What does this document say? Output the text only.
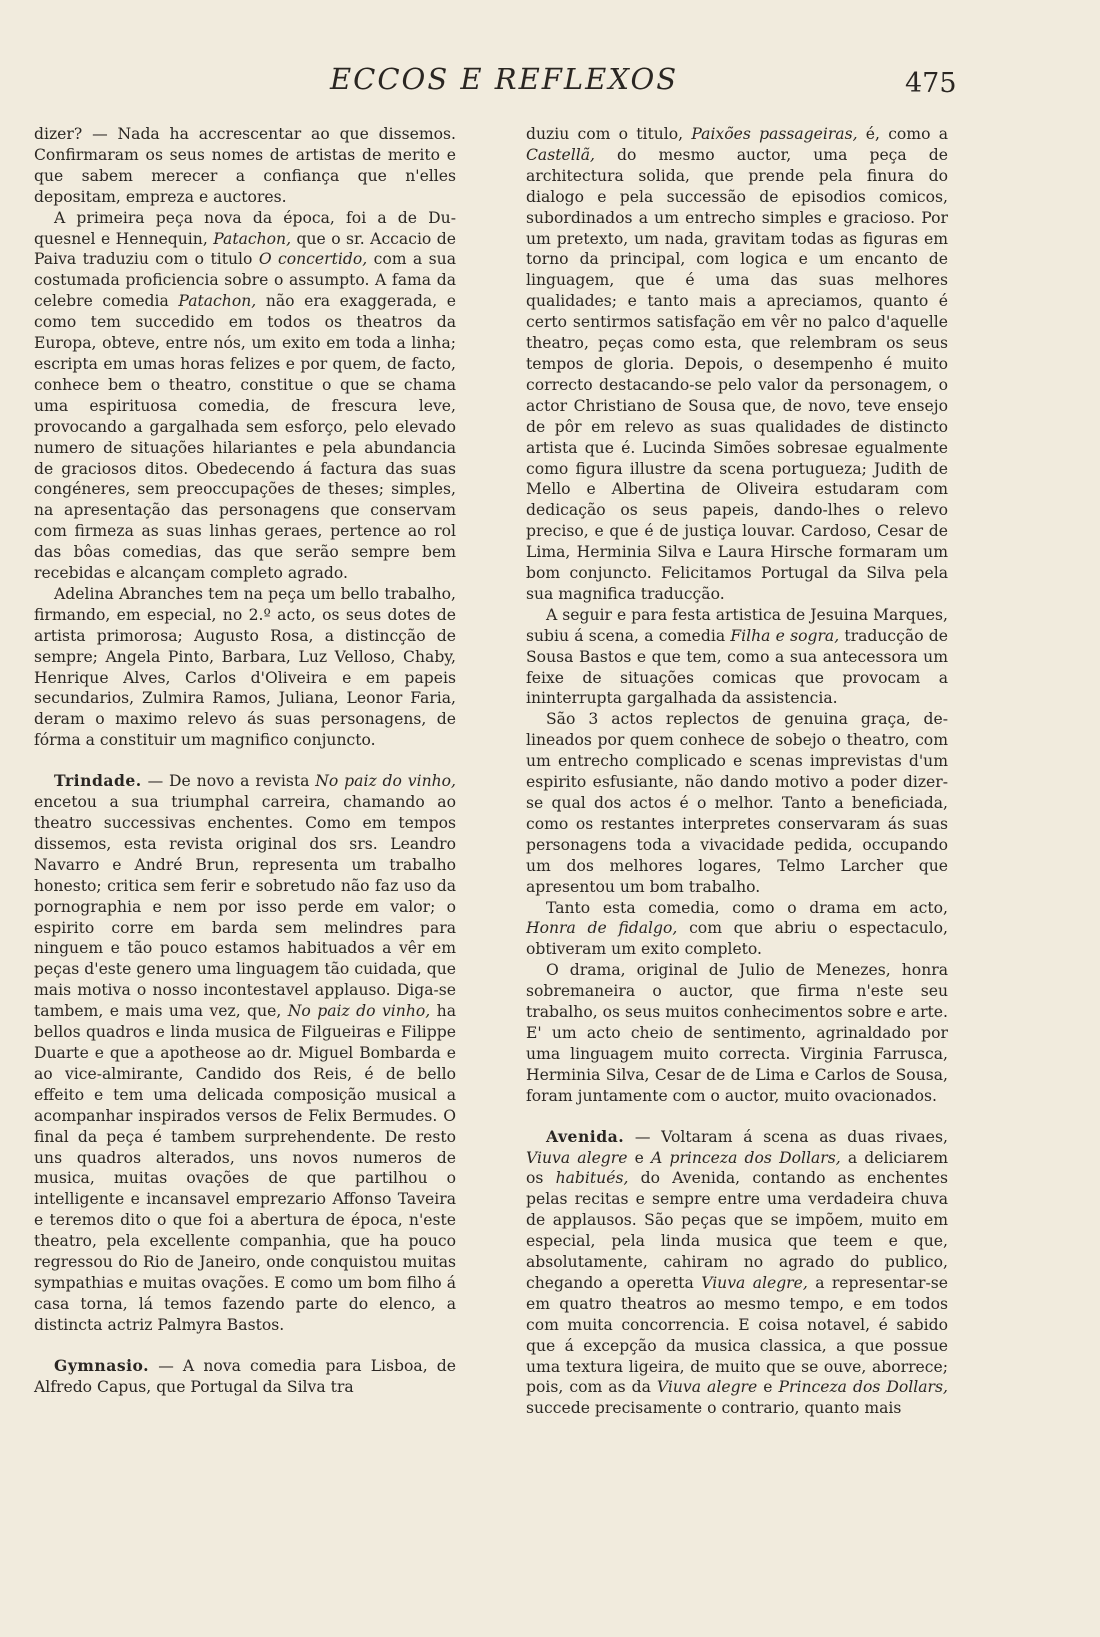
ECCOS E REFLEXOS	475

dizer? — Nada ha accrescentar ao que dissemos. Confirmaram os seus nomes de artistas de merito e que sabem merecer a confiança que n'elles depositam, empreza e auctores.

A primeira peça nova da época, foi a de Duquesnel e Hennequin, Patachon, que o sr. Accacio de Paiva traduziu com o titulo O concertido, com a sua costumada proficiencia sobre o assumpto. A fama da celebre comedia Patachon, não era exaggerada, e como tem succedido em todos os theatros da Europa, obteve, entre nós, um exito em toda a linha; escripta em umas horas felizes e por quem, de facto, conhece bem o theatro, constitue o que se chama uma espirituosa comedia, de frescura leve, provocando a gargalhada sem esforço, pelo elevado numero de situações hilariantes e pela abundancia de graciosos ditos. Obedecendo á factura das suas congéneres, sem preoccupações de theses; simples, na apresentação das personagens que conservam com firmeza as suas linhas geraes, pertence ao rol das bôas comedias, das que serão sempre bem recebidas e alcançam completo agrado.

Adelina Abranches tem na peça um bello trabalho, firmando, em especial, no 2.º acto, os seus dotes de artista primorosa; Augusto Rosa, a distincção de sempre; Angela Pinto, Barbara, Luz Velloso, Chaby, Henrique Alves, Carlos d'Oliveira e em papeis secundarios, Zulmira Ramos, Juliana, Leonor Faria, deram o maximo relevo ás suas personagens, de fórma a constituir um magnifico conjuncto.

Trindade. — De novo a revista No paiz do vinho, encetou a sua triumphal carreira, chamando ao theatro successivas enchentes. Como em tempos dissemos, esta revista original dos srs. Leandro Navarro e André Brun, representa um trabalho honesto; critica sem ferir e sobretudo não faz uso da pornographia e nem por isso perde em valor; o espirito corre em barda sem melindres para ninguem e tão pouco estamos habituados a vêr em peças d'este genero uma linguagem tão cuidada, que mais motiva o nosso incontestavel applauso. Diga-se tambem, e mais uma vez, que, No paiz do vinho, ha bellos quadros e linda musica de Filgueiras e Filippe Duarte e que a apotheose ao dr. Miguel Bombarda e ao vice-almirante, Candido dos Reis, é de bello effeito e tem uma delicada composição musical a acompanhar inspirados versos de Felix Bermudes. O final da peça é tambem surprehendente. De resto uns quadros alterados, uns novos numeros de musica, muitas ovações de que partilhou o intelligente e incansavel emprezario Affonso Taveira e teremos dito o que foi a abertura de época, n'este theatro, pela excellente companhia, que ha pouco regressou do Rio de Janeiro, onde conquistou muitas sympathias e muitas ovações. E como um bom filho á casa torna, lá temos fazendo parte do elenco, a distincta actriz Palmyra Bastos.

Gymnasio. — A nova comedia para Lisboa, de Alfredo Capus, que Portugal da Silva tra

duziu com o titulo, Paixões passageiras, é, como a Castellã, do mesmo auctor, uma peça de architectura solida, que prende pela finura do dialogo e pela successão de episodios comicos, subordinados a um entrecho simples e gracioso. Por um pretexto, um nada, gravitam todas as figuras em torno da principal, com logica e um encanto de linguagem, que é uma das suas melhores qualidades; e tanto mais a apreciamos, quanto é certo sentirmos satisfação em vêr no palco d'aquelle theatro, peças como esta, que relembram os seus tempos de gloria. Depois, o desempenho é muito correcto destacando-se pelo valor da personagem, o actor Christiano de Sousa que, de novo, teve ensejo de pôr em relevo as suas qualidades de distincto artista que é. Lucinda Simões sobresae egualmente como figura illustre da scena portugueza; Judith de Mello e Albertina de Oliveira estudaram com dedicação os seus papeis, dando-lhes o relevo preciso, e que é de justiça louvar. Cardoso, Cesar de Lima, Herminia Silva e Laura Hirsche formaram um bom conjuncto. Felicitamos Portugal da Silva pela sua magnifica traducção.

A seguir e para festa artistica de Jesuina Marques, subiu á scena, a comedia Filha e sogra, traducção de Sousa Bastos e que tem, como a sua antecessora um feixe de situações comicas que provocam a ininterrupta gargalhada da assistencia.

São 3 actos replectos de genuina graça, delineados por quem conhece de sobejo o theatro, com um entrecho complicado e scenas imprevistas d'um espirito esfusiante, não dando motivo a poder dizer-se qual dos actos é o melhor. Tanto a beneficiada, como os restantes interpretes conservaram ás suas personagens toda a vivacidade pedida, occupando um dos melhores logares, Telmo Larcher que apresentou um bom trabalho.

Tanto esta comedia, como o drama em acto, Honra de fidalgo, com que abriu o espectaculo, obtiveram um exito completo.

O drama, original de Julio de Menezes, honra sobremaneira o auctor, que firma n'este seu trabalho, os seus muitos conhecimentos sobre e arte. E' um acto cheio de sentimento, agrinaldado por uma linguagem muito correcta. Virginia Farrusca, Herminia Silva, Cesar de de Lima e Carlos de Sousa, foram juntamente com o auctor, muito ovacionados.

Avenida. — Voltaram á scena as duas rivaes, Viuva alegre e A princeza dos Dollars, a deliciarem os habitués, do Avenida, contando as enchentes pelas recitas e sempre entre uma verdadeira chuva de applausos. São peças que se impõem, muito em especial, pela linda musica que teem e que, absolutamente, cahiram no agrado do publico, chegando a operetta Viuva alegre, a representar-se em quatro theatros ao mesmo tempo, e em todos com muita concorrencia. E coisa notavel, é sabido que á excepção da musica classica, a que possue uma textura ligeira, de muito que se ouve, aborrece; pois, com as da Viuva alegre e Princeza dos Dollars, succede precisamente o contrario, quanto mais
